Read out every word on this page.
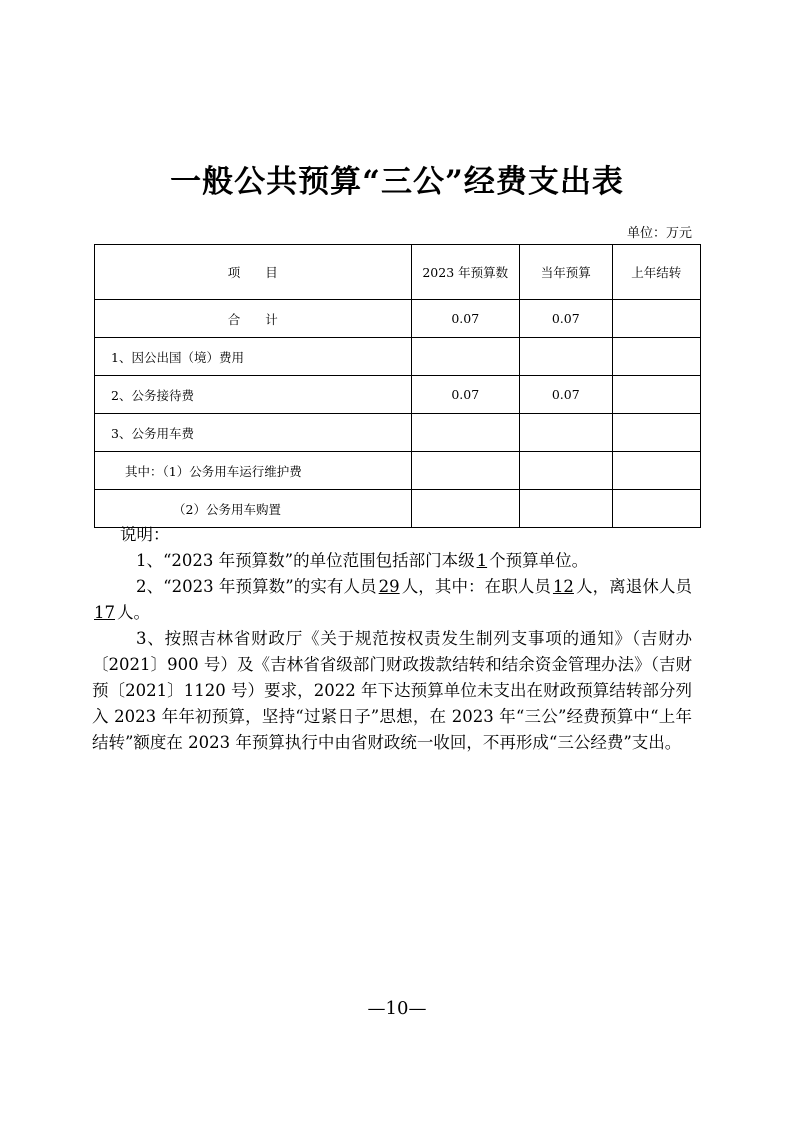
一般公共预算“三公”经费支出表
单位：万元
项　　目	2023 年预算数	当年预算	上年结转
合　　计	0.07	0.07	
1、因公出国（境）费用			
2、公务接待费	0.07	0.07	
3、公务用车费			
其中：（1）公务用车运行维护费			
（2）公务用车购置			
说明：

1、“2023 年预算数”的单位范围包括部门本级 1 个预算单位。

2、“2023 年预算数”的实有人员 29 人，其中：在职人员 12 人，离退休人员17 人。

3、按照吉林省财政厅《关于规范按权责发生制列支事项的通知》（吉财办〔2021〕900 号）及《吉林省省级部门财政拨款结转和结余资金管理办法》（吉财预〔2021〕1120 号）要求，2022 年下达预算单位未支出在财政预算结转部分列入 2023 年年初预算，坚持“过紧日子”思想，在 2023 年“三公”经费预算中“上年结转”额度在 2023 年预算执行中由省财政统一收回，不再形成“三公经费”支出。

—10—
